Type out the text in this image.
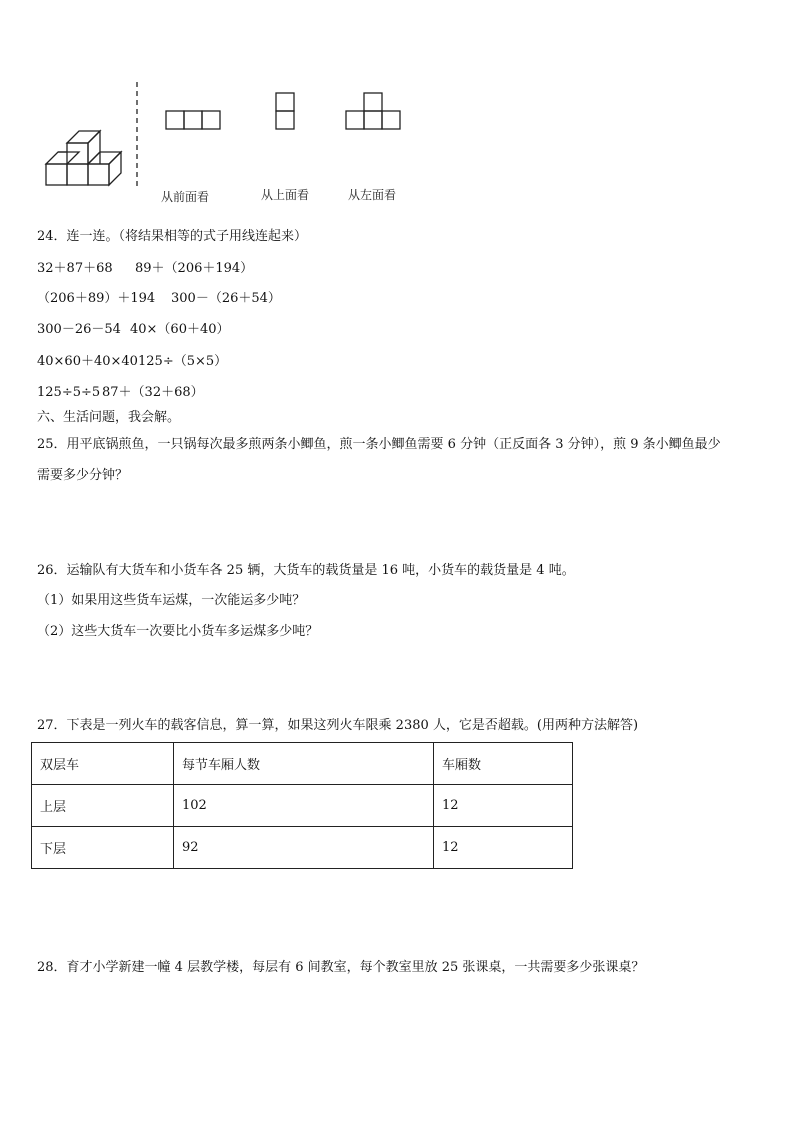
从前面看	从上面看	从左面看
24．连一连。（将结果相等的式子用线连起来）
32＋87＋68 89＋（206＋194）
（206＋89）＋194 300－（26＋54）
300－26－54 40×（60＋40）
40×60＋40×40 125÷（5×5）
125÷5÷5 87＋（32＋68）
六、生活问题，我会解。
25．用平底锅煎鱼，一只锅每次最多煎两条小鲫鱼，煎一条小鲫鱼需要 6 分钟（正反面各 3 分钟），煎 9 条小鲫鱼最少
需要多少分钟？
26．运输队有大货车和小货车各 25 辆，大货车的载货量是 16 吨，小货车的载货量是 4 吨。
（1）如果用这些货车运煤，一次能运多少吨？
（2）这些大货车一次要比小货车多运煤多少吨？
27．下表是一列火车的载客信息，算一算，如果这列火车限乘 2380 人，它是否超载。(用两种方法解答)
双层车	每节车厢人数	车厢数
上层	102	12
下层	92	12
28．育才小学新建一幢 4 层教学楼，每层有 6 间教室，每个教室里放 25 张课桌，一共需要多少张课桌？
